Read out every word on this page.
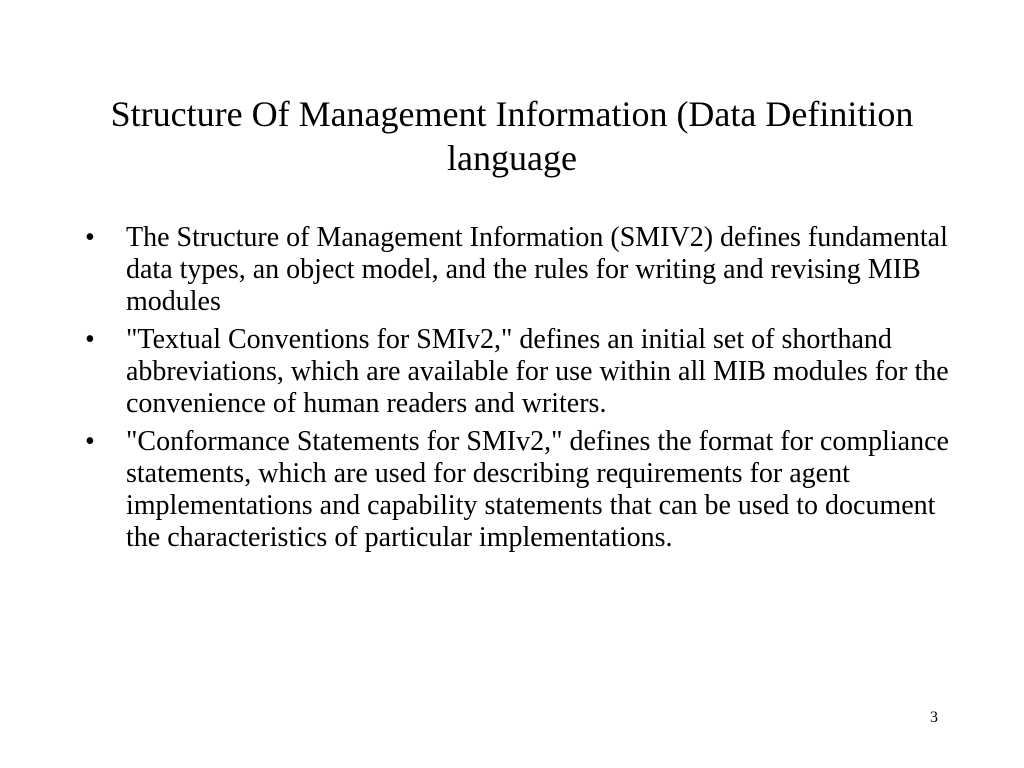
Structure Of Management Information (Data Definition language
•	The Structure of Management Information (SMIV2) defines fundamental data types, an object model, and the rules for writing and revising MIB modules
•	"Textual Conventions for SMIv2," defines an initial set of shorthand abbreviations, which are available for use within all MIB modules for the convenience of human readers and writers.
•	"Conformance Statements for SMIv2," defines the format for compliance statements, which are used for describing requirements for agent implementations and capability statements that can be used to document the characteristics of particular implementations.
3
